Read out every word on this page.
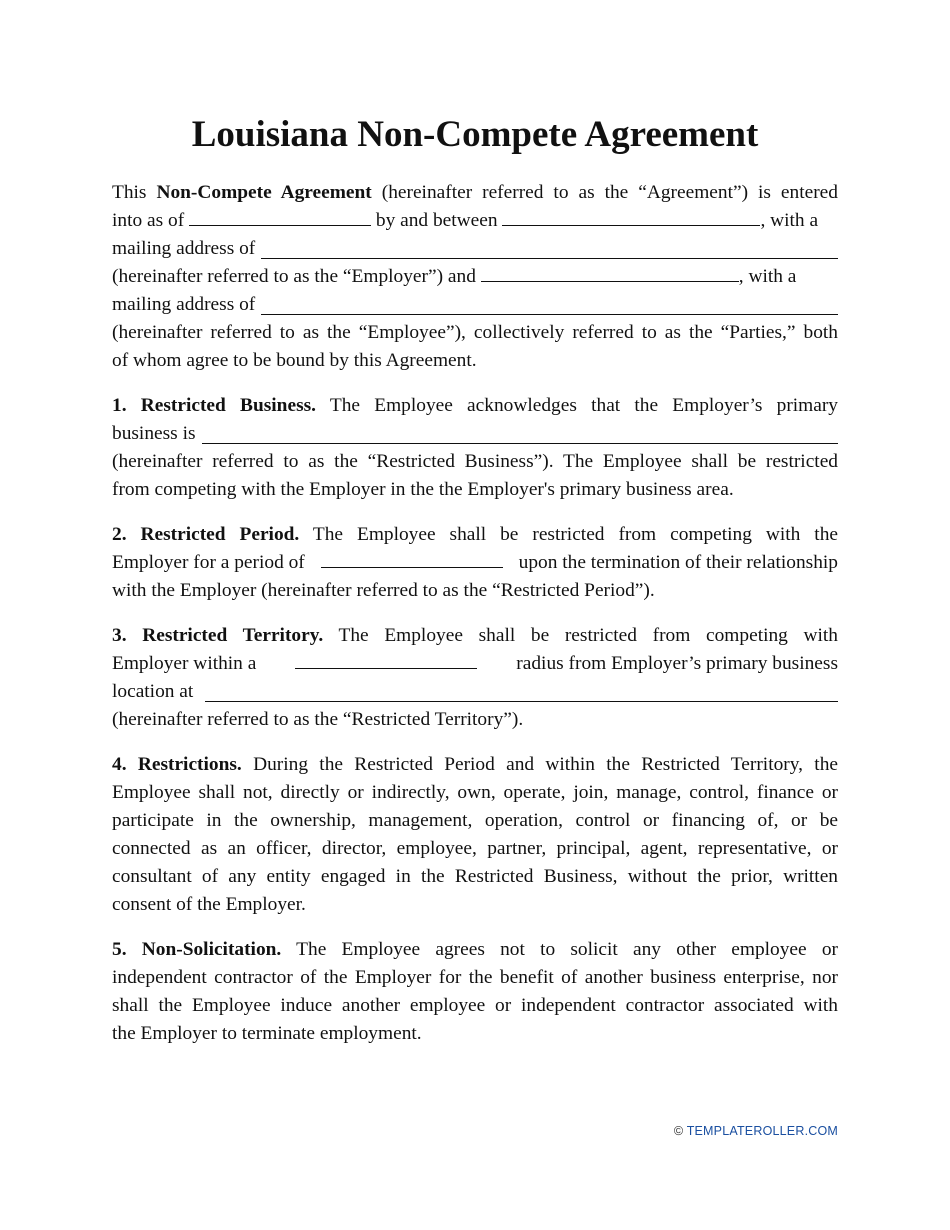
Louisiana Non-Compete Agreement
This Non-Compete Agreement (hereinafter referred to as the “Agreement”) is entered
into as of

	by and between
	, with a
mailing address of
(hereinafter referred to as the “Employer”) and
	, with a
mailing address of
(hereinafter referred to as the “Employee”), collectively referred to as the “Parties,” both
of whom agree to be bound by this Agreement.
1. Restricted Business. The Employee acknowledges that the Employer’s primary
business is
(hereinafter referred to as the “Restricted Business”). The Employee shall be restricted
from competing with the Employer in the the Employer's primary business area.
2. Restricted Period. The Employee shall be restricted from competing with the
Employer for a period of	upon the termination of their relationship
with the Employer (hereinafter referred to as the “Restricted Period”).
3. Restricted Territory. The Employee shall be restricted from competing with
Employer within a	radius from Employer’s primary business
location at
(hereinafter referred to as the “Restricted Territory”).
4. Restrictions. During the Restricted Period and within the Restricted Territory, the
Employee shall not, directly or indirectly, own, operate, join, manage, control, finance or
participate in the ownership, management, operation, control or financing of, or be
connected as an officer, director, employee, partner, principal, agent, representative, or
consultant of any entity engaged in the Restricted Business, without the prior, written
consent of the Employer.
5. Non-Solicitation. The Employee agrees not to solicit any other employee or
independent contractor of the Employer for the benefit of another business enterprise, nor
shall the Employee induce another employee or independent contractor associated with
the Employer to terminate employment.
© TEMPLATEROLLER.COM
